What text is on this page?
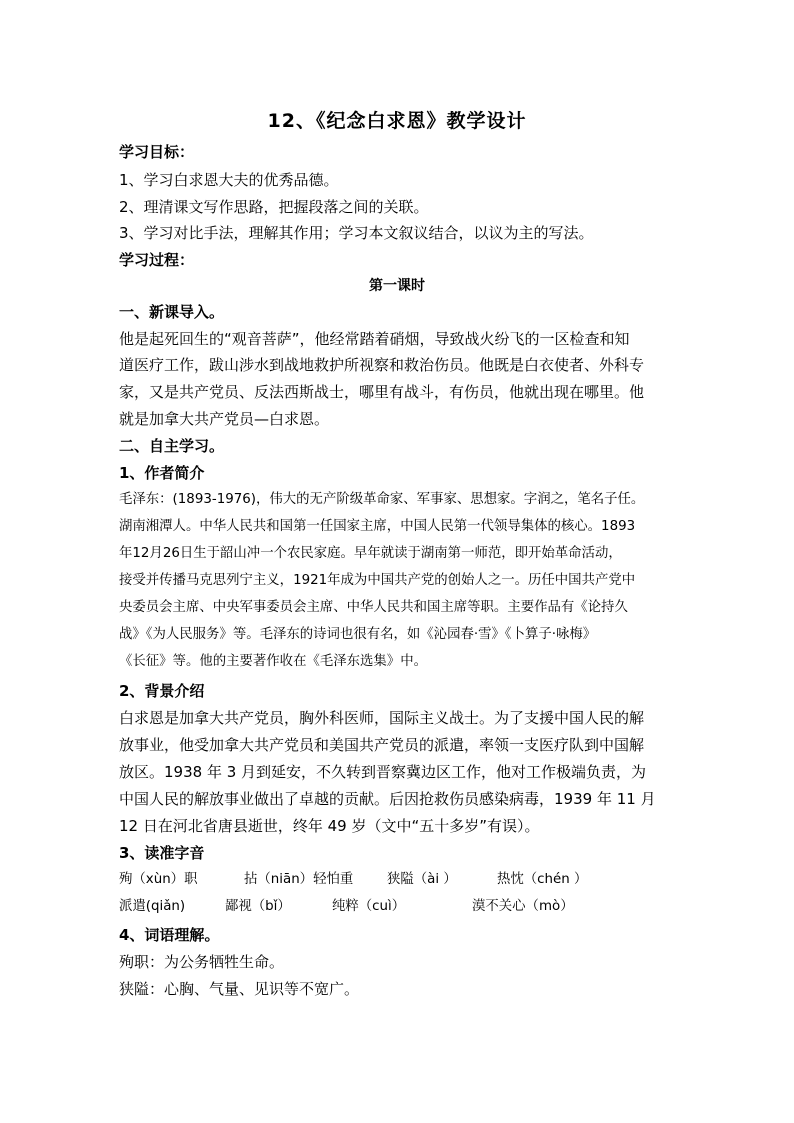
12、《纪念白求恩》教学设计
学习目标：
1、学习白求恩大夫的优秀品德。
2、理清课文写作思路，把握段落之间的关联。
3、学习对比手法，理解其作用；学习本文叙议结合，以议为主的写法。
学习过程：
第一课时
一、新课导入。
他是起死回生的“观音菩萨”，他经常踏着硝烟，导致战火纷飞的一区检查和知
道医疗工作，跋山涉水到战地救护所视察和救治伤员。他既是白衣使者、外科专
家，又是共产党员、反法西斯战士，哪里有战斗，有伤员，他就出现在哪里。他
就是加拿大共产党员—白求恩。
二、自主学习。
1、作者简介
毛泽东：(1893-1976)，伟大的无产阶级革命家、军事家、思想家。字润之，笔名子任。
湖南湘潭人。中华人民共和国第一任国家主席，中国人民第一代领导集体的核心。1893
年12月26日生于韶山冲一个农民家庭。早年就读于湖南第一师范，即开始革命活动，
接受并传播马克思列宁主义，1921年成为中国共产党的创始人之一。历任中国共产党中
央委员会主席、中央军事委员会主席、中华人民共和国主席等职。主要作品有《论持久
战》《为人民服务》等。毛泽东的诗词也很有名，如《沁园春·雪》《卜算子·咏梅》
《长征》等。他的主要著作收在《毛泽东选集》中。
2、背景介绍
白求恩是加拿大共产党员，胸外科医师，国际主义战士。为了支援中国人民的解
放事业，他受加拿大共产党员和美国共产党员的派遣，率领一支医疗队到中国解
放区。1938 年 3 月到延安，不久转到晋察冀边区工作，他对工作极端负责，为
中国人民的解放事业做出了卓越的贡献。后因抢救伤员感染病毒，1939 年 11 月
12 日在河北省唐县逝世，终年 49 岁（文中“五十多岁”有误）。
3、读准字音
殉（xùn）职	拈（niān）轻怕重	狭隘（ài ）	热忱（chén ）
派遣(qiǎn)	鄙视（bǐ）	纯粹（cuì）	漠不关心（mò）
4、词语理解。
殉职：为公务牺牲生命。
狭隘：心胸、气量、见识等不宽广。
